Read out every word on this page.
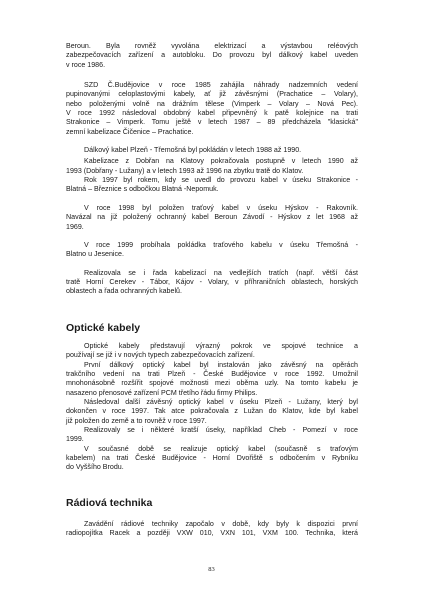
Beroun. Byla rovněž vyvolána elektrizací a výstavbou reléových
zabezpečovacích zařízení a autobloku. Do provozu byl dálkový kabel uveden
v roce 1986.
SZD Č.Budějovice v roce 1985 zahájila náhrady nadzemních vedení
pupinovanými celoplastovými kabely, ať již závěsnými (Prachatice – Volary),
nebo položenými volně na drážním tělese (Vimperk – Volary – Nová Pec).
V roce 1992 následoval obdobný kabel připevněný k patě kolejnice na trati
Strakonice – Vimperk. Tomu ještě v letech 1987 – 89 předcházela "klasická"
zemní kabelizace Čičenice – Prachatice.
Dálkový kabel Plzeň - Třemošná byl pokládán v letech 1988 až 1990.
Kabelizace z Dobřan na Klatovy pokračovala postupně v letech 1990 až
1993 (Dobřany - Lužany) a v letech 1993 až 1996 na zbytku tratě do Klatov.
Rok 1997 byl rokem, kdy se uvedl do provozu kabel v úseku Strakonice -
Blatná – Březnice s odbočkou Blatná -Nepomuk.
V roce 1998 byl položen traťový kabel v úseku Hýskov - Rakovník.
Navázal na již položený ochranný kabel Beroun Závodí - Hýskov z let 1968 až
1969.
V roce 1999 probíhala pokládka traťového kabelu v úseku Třemošná -
Blatno u Jesenice.
Realizovala se i řada kabelizací na vedlejších tratích (např. větší část
tratě Horní Cerekev - Tábor, Kájov - Volary, v příhraničních oblastech, horských
oblastech a řada ochranných kabelů.
Optické kabely
Optické kabely představují výrazný pokrok ve spojové technice a
používají se již i v nových typech zabezpečovacích zařízení.
První dálkový optický kabel byl instalován jako závěsný na opěrách
trakčního vedení na trati Plzeň - České Budějovice v roce 1992. Umožnil
mnohonásobně rozšířit spojové možnosti mezi oběma uzly. Na tomto kabelu je
nasazeno přenosové zařízení PCM třetího řádu firmy Philips.
Následoval další závěsný optický kabel v úseku Plzeň - Lužany, který byl
dokončen v roce 1997. Tak atce pokračovala z Lužan do Klatov, kde byl kabel
již položen do země a to rovněž v roce 1997.
Realizovaly se i některé kratší úseky, například Cheb - Pomezí v roce
1999.
V současné době se realizuje optický kabel (současně s traťovým
kabelem) na trati České Budějovice - Horní Dvořiště s odbočením v Rybníku
do Vyššího Brodu.
Rádiová technika
Zavádění rádiové techniky započalo v době, kdy byly k dispozici první
radiopojítka Racek a později VXW 010, VXN 101, VXM 100. Technika, která
83
